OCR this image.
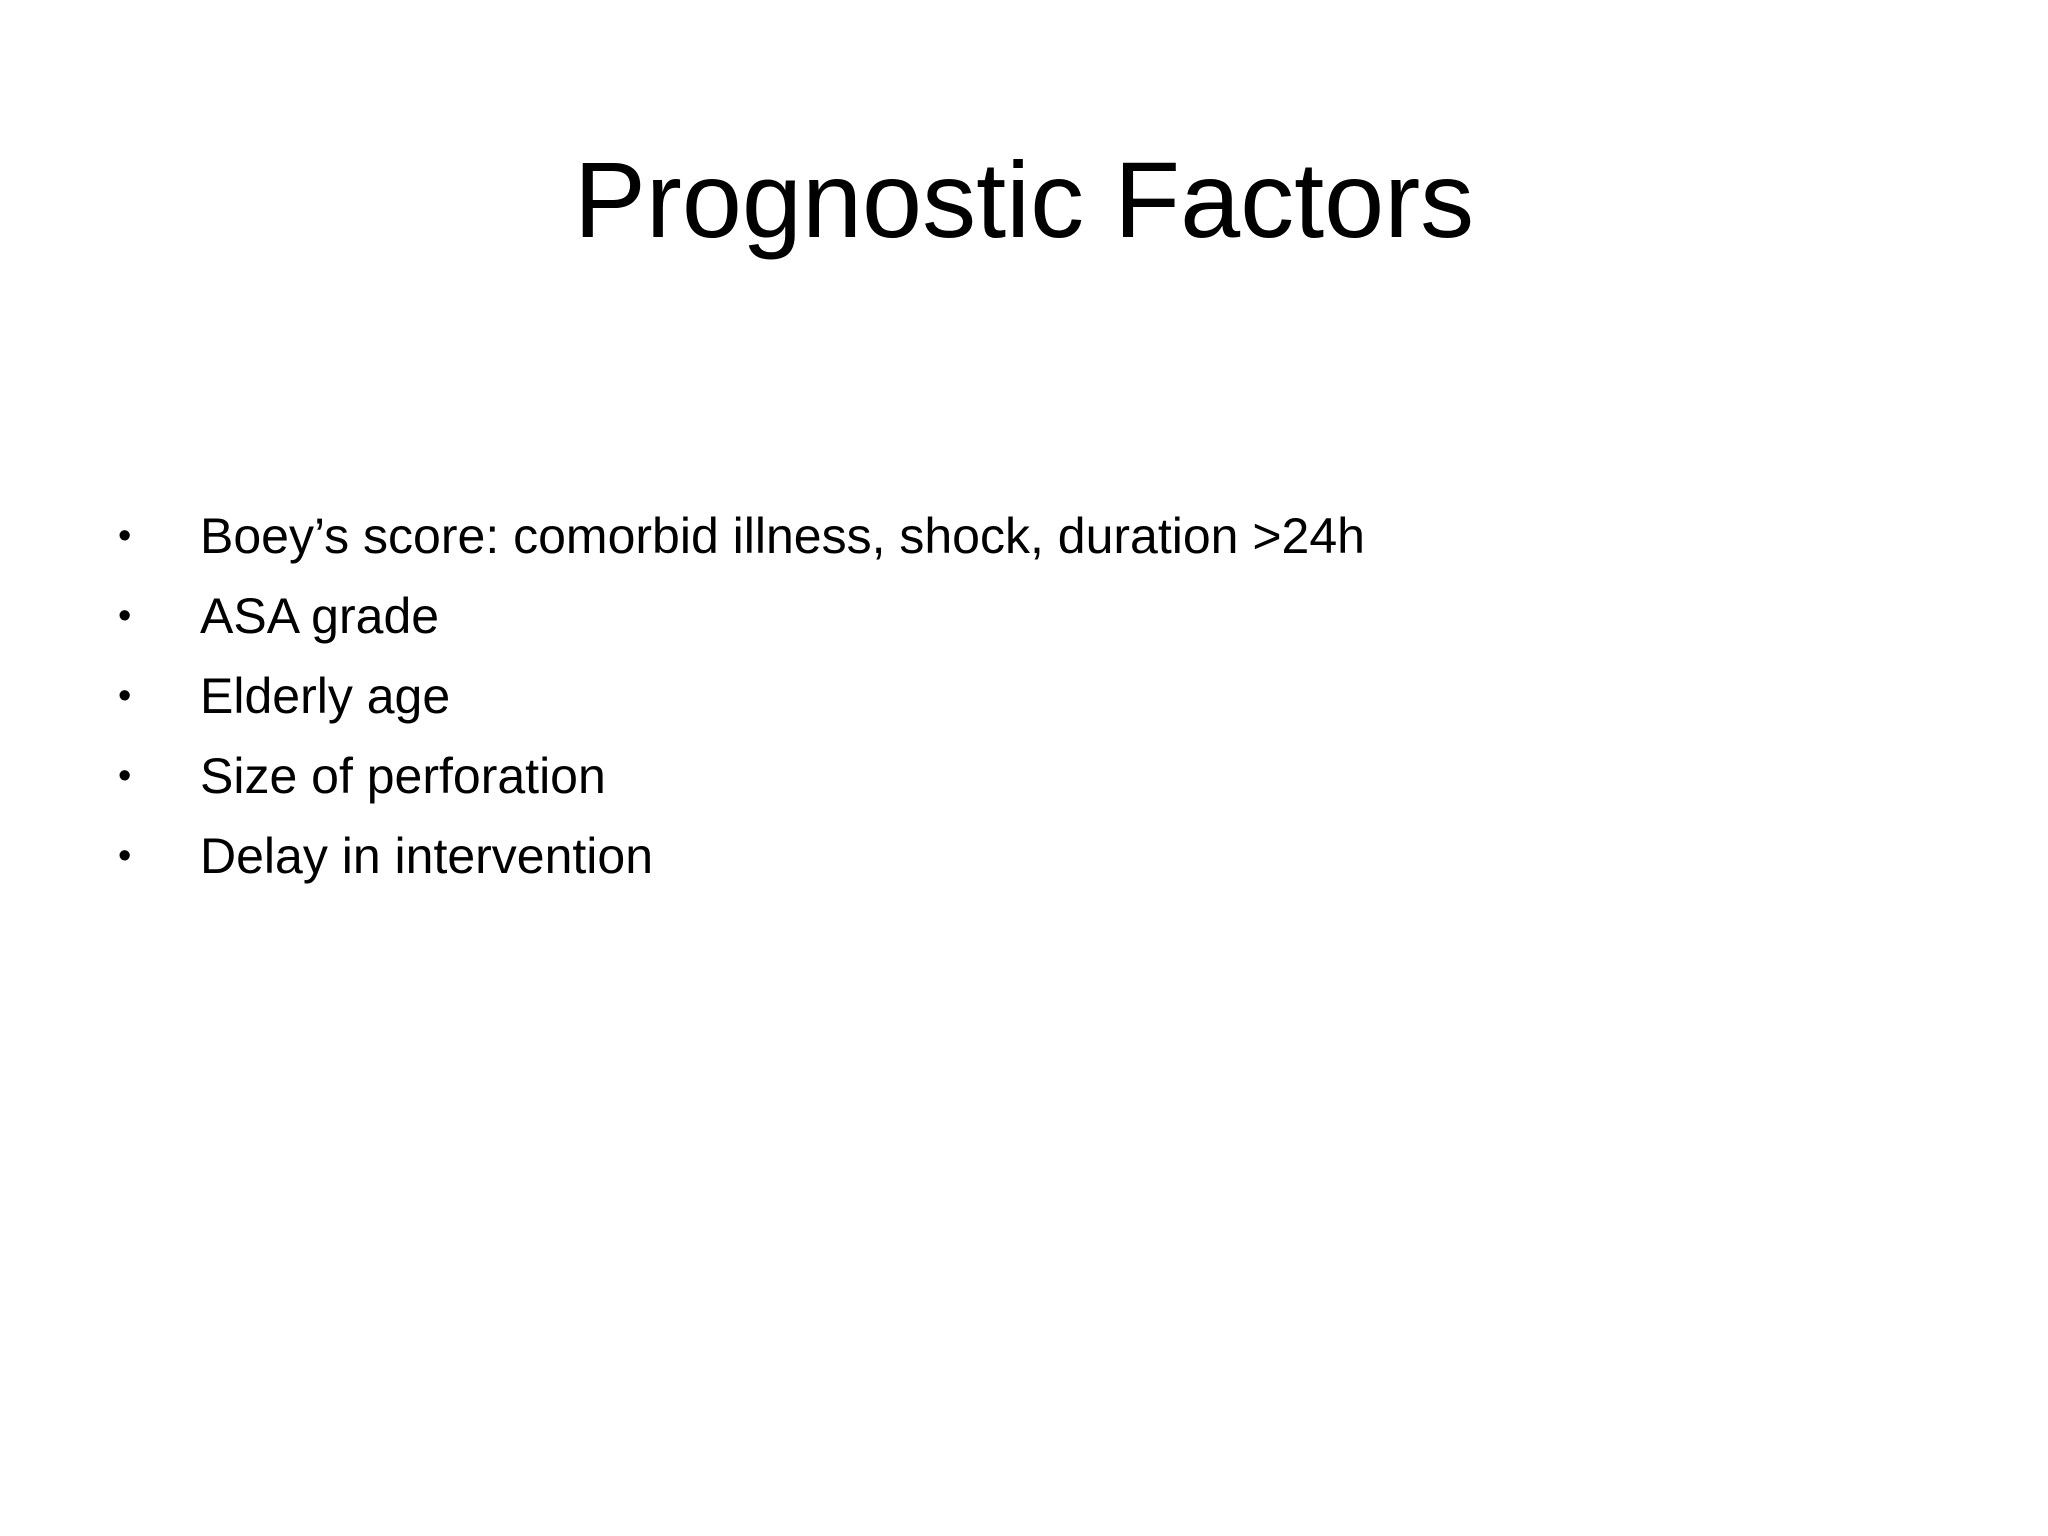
Prognostic Factors
•	Boey’s score: comorbid illness, shock, duration >24h
•	ASA grade
•	Elderly age
•	Size of perforation
•	Delay in intervention
